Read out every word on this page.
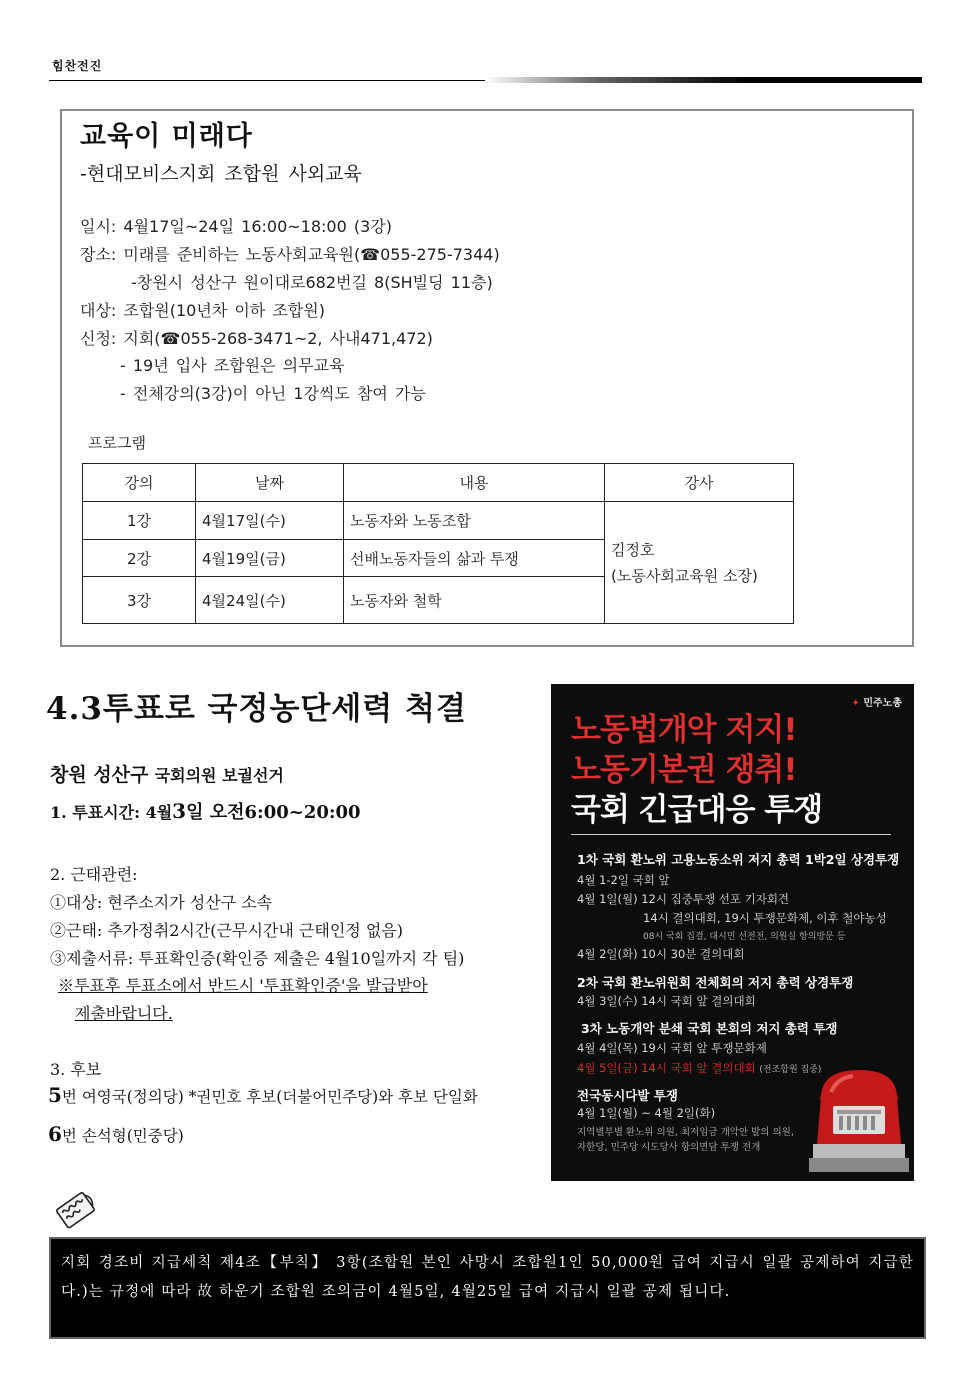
힘찬전진
교육이 미래다
-현대모비스지회 조합원 사외교육
일시: 4월17일~24일 16:00~18:00 (3강)
장소: 미래를 준비하는 노동사회교육원(☎055-275-7344)
-창원시 성산구 원이대로682번길 8(SH빌딩 11층)
대상: 조합원(10년차 이하 조합원)
신청: 지회(☎055-268-3471~2, 사내471,472)
- 19년 입사 조합원은 의무교육
- 전체강의(3강)이 아닌 1강씩도 참여 가능
프로그램
강의	날짜	내용	강사
1강	4월17일(수)	노동자와 노동조합	김정호
(노동사회교육원 소장)

2강	4월19일(금)	선배노동자들의 삶과 투쟁	
3강	4월24일(수)	노동자와 철학	
4.3투표로 국정농단세력 척결
창원 성산구 국회의원 보궐선거
1. 투표시간: 4월3일 오전6:00~20:00
2. 근태관련:
①대상: 현주소지가 성산구 소속
②근태: 추가정취2시간(근무시간내 근태인정 없음)
③제출서류: 투표확인증(확인증 제출은 4월10일까지 각 팀)
※투표후 투표소에서 반드시 '투표확인증'을 발급받아
제출바랍니다.
3. 후보
5번 여영국(정의당) *권민호 후보(더불어민주당)와 후보 단일화
6번 손석형(민중당)
✦ 민주노총
노동법개악 저지!
노동기본권 쟁취!
국회 긴급대응 투쟁
1차 국회 환노위 고용노동소위 저지 총력 1박2일 상경투쟁
4월 1-2일 국회 앞
4월 1일(월) 12시 집중투쟁 선포 기자회견
14시 결의대회, 19시 투쟁문화제, 이후 철야농성
08시 국회 집결, 대시민 선전전, 의원실 항의방문 등
4월 2일(화) 10시 30분 결의대회
2차 국회 환노위원회 전체회의 저지 총력 상경투쟁
4월 3일(수) 14시 국회 앞 결의대회
3차 노동개악 분쇄 국회 본회의 저지 총력 투쟁
4월 4일(목) 19시 국회 앞 투쟁문화제
4월 5일(금) 14시 국회 앞 결의대회 (전조합원 집중)
전국동시다발 투쟁
4월 1일(월) ~ 4월 2일(화)
지역별부별 환노위 의원, 최저임금 개악안 발의 의원,
자한당, 민주당 시도당사 항의면담 투쟁 전개
지회 경조비 지급세칙 제4조【부칙】 3항(조합원 본인 사망시 조합원1인 50,000원 급여 지급시 일괄 공제하여 지급한다.)는 규정에 따라 故 하운기 조합원 조의금이 4월5일, 4월25일 급여 지급시 일괄 공제 됩니다.
